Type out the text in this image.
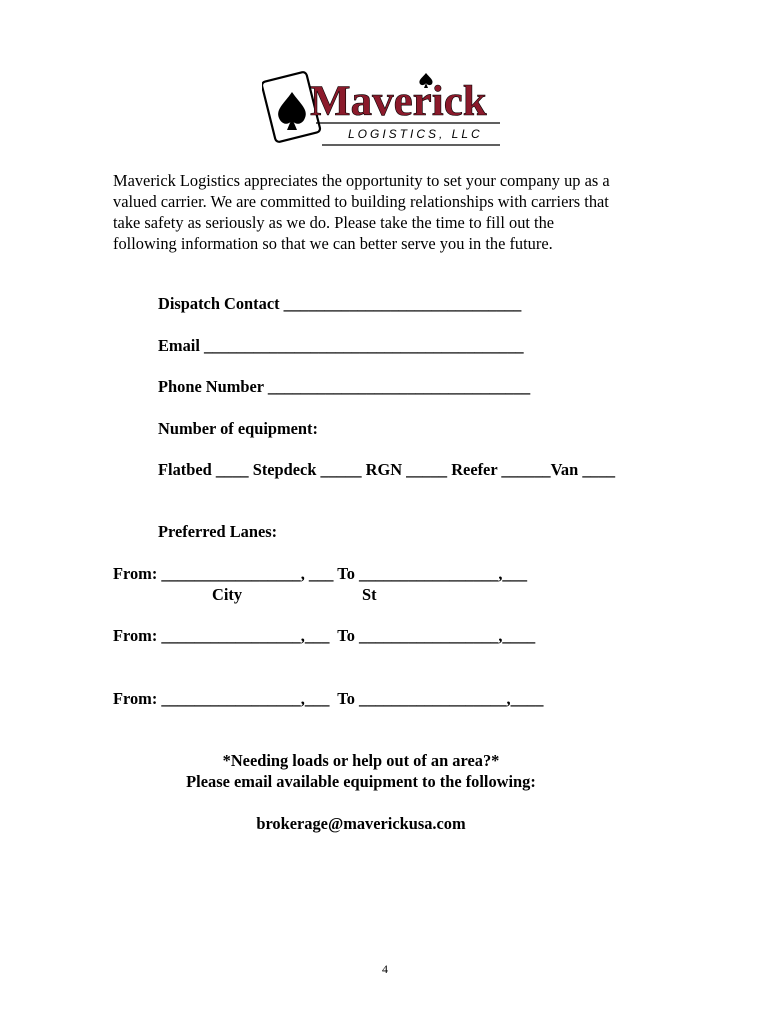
Maverick
LOGISTICS, LLC
Maverick Logistics appreciates the opportunity to set your company up as a
valued carrier. We are committed to building relationships with carriers that
take safety as seriously as we do. Please take the time to fill out the
following information so that we can better serve you in the future.
Dispatch Contact _____________________________
Email _______________________________________
Phone Number ________________________________
Number of equipment:
Flatbed ____ Stepdeck _____ RGN _____ Reefer ______Van ____
Preferred Lanes:
From: _________________, ___ To _________________,___
City	St
From: _________________,___  To _________________,____
From: _________________,___  To __________________,____
*Needing loads or help out of an area?*
Please email available equipment to the following:
brokerage@maverickusa.com
4
